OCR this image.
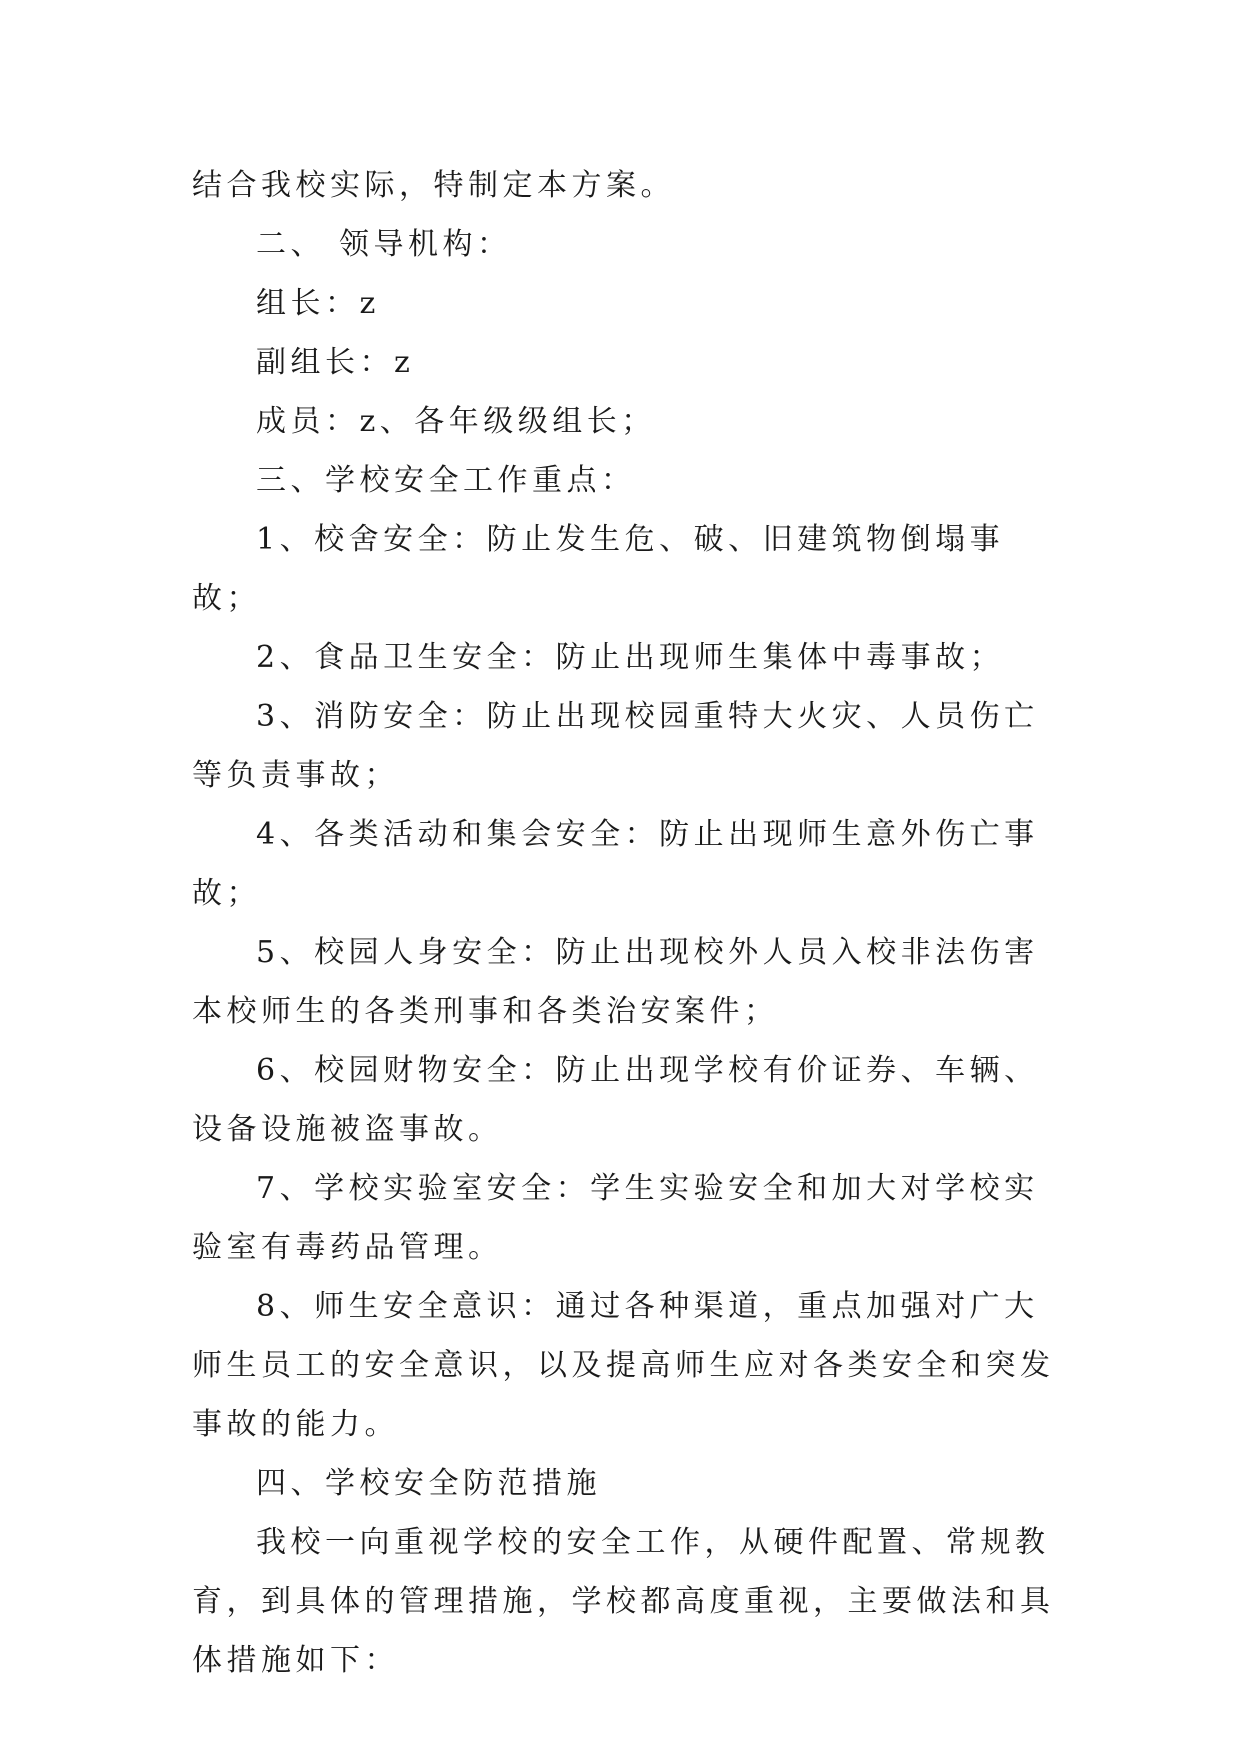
结合我校实际，特制定本方案。

二、 领导机构：

组长：z

副组长：z

成员：z、各年级级组长；

三、学校安全工作重点：

1、校舍安全：防止发生危、破、旧建筑物倒塌事故；

2、食品卫生安全：防止出现师生集体中毒事故；

3、消防安全：防止出现校园重特大火灾、人员伤亡等负责事故；

4、各类活动和集会安全：防止出现师生意外伤亡事故；

5、校园人身安全：防止出现校外人员入校非法伤害本校师生的各类刑事和各类治安案件；

6、校园财物安全：防止出现学校有价证券、车辆、设备设施被盗事故。

7、学校实验室安全：学生实验安全和加大对学校实验室有毒药品管理。

8、师生安全意识：通过各种渠道，重点加强对广大师生员工的安全意识，以及提高师生应对各类安全和突发事故的能力。

四、学校安全防范措施

我校一向重视学校的安全工作，从硬件配置、常规教育，到具体的管理措施，学校都高度重视，主要做法和具体措施如下：
